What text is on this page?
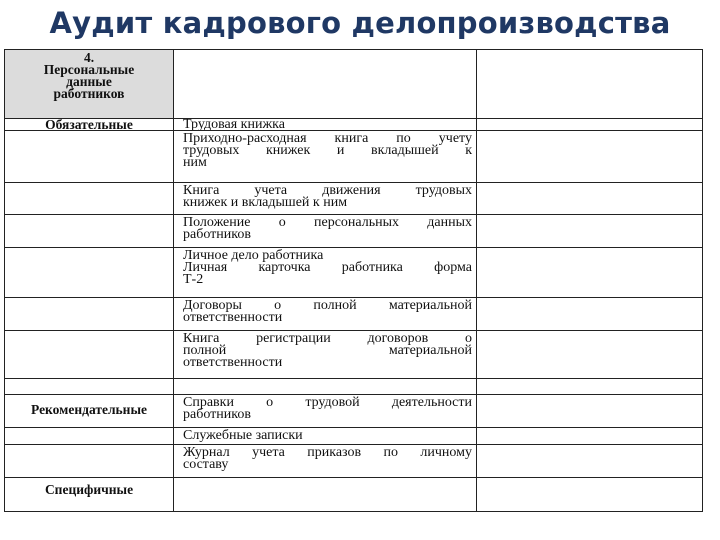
Аудит кадрового делопроизводства
4.
Персональные
данные
работников
Обязательные	Трудовая книжка
Приходно-расходная книга по учету
трудовых книжек и вкладышей к
ним
Книга учета движения трудовых
книжек и вкладышей к ним
Положение о персональных данных
работников
Личное дело работника
Личная карточка работника форма
Т-2
Договоры о полной материальной
ответственности
Книга регистрации договоров о
полной материальной
ответственности
Рекомендательные	Справки о трудовой деятельности
работников
Служебные записки
Журнал учета приказов по личному
составу
Специфичные
